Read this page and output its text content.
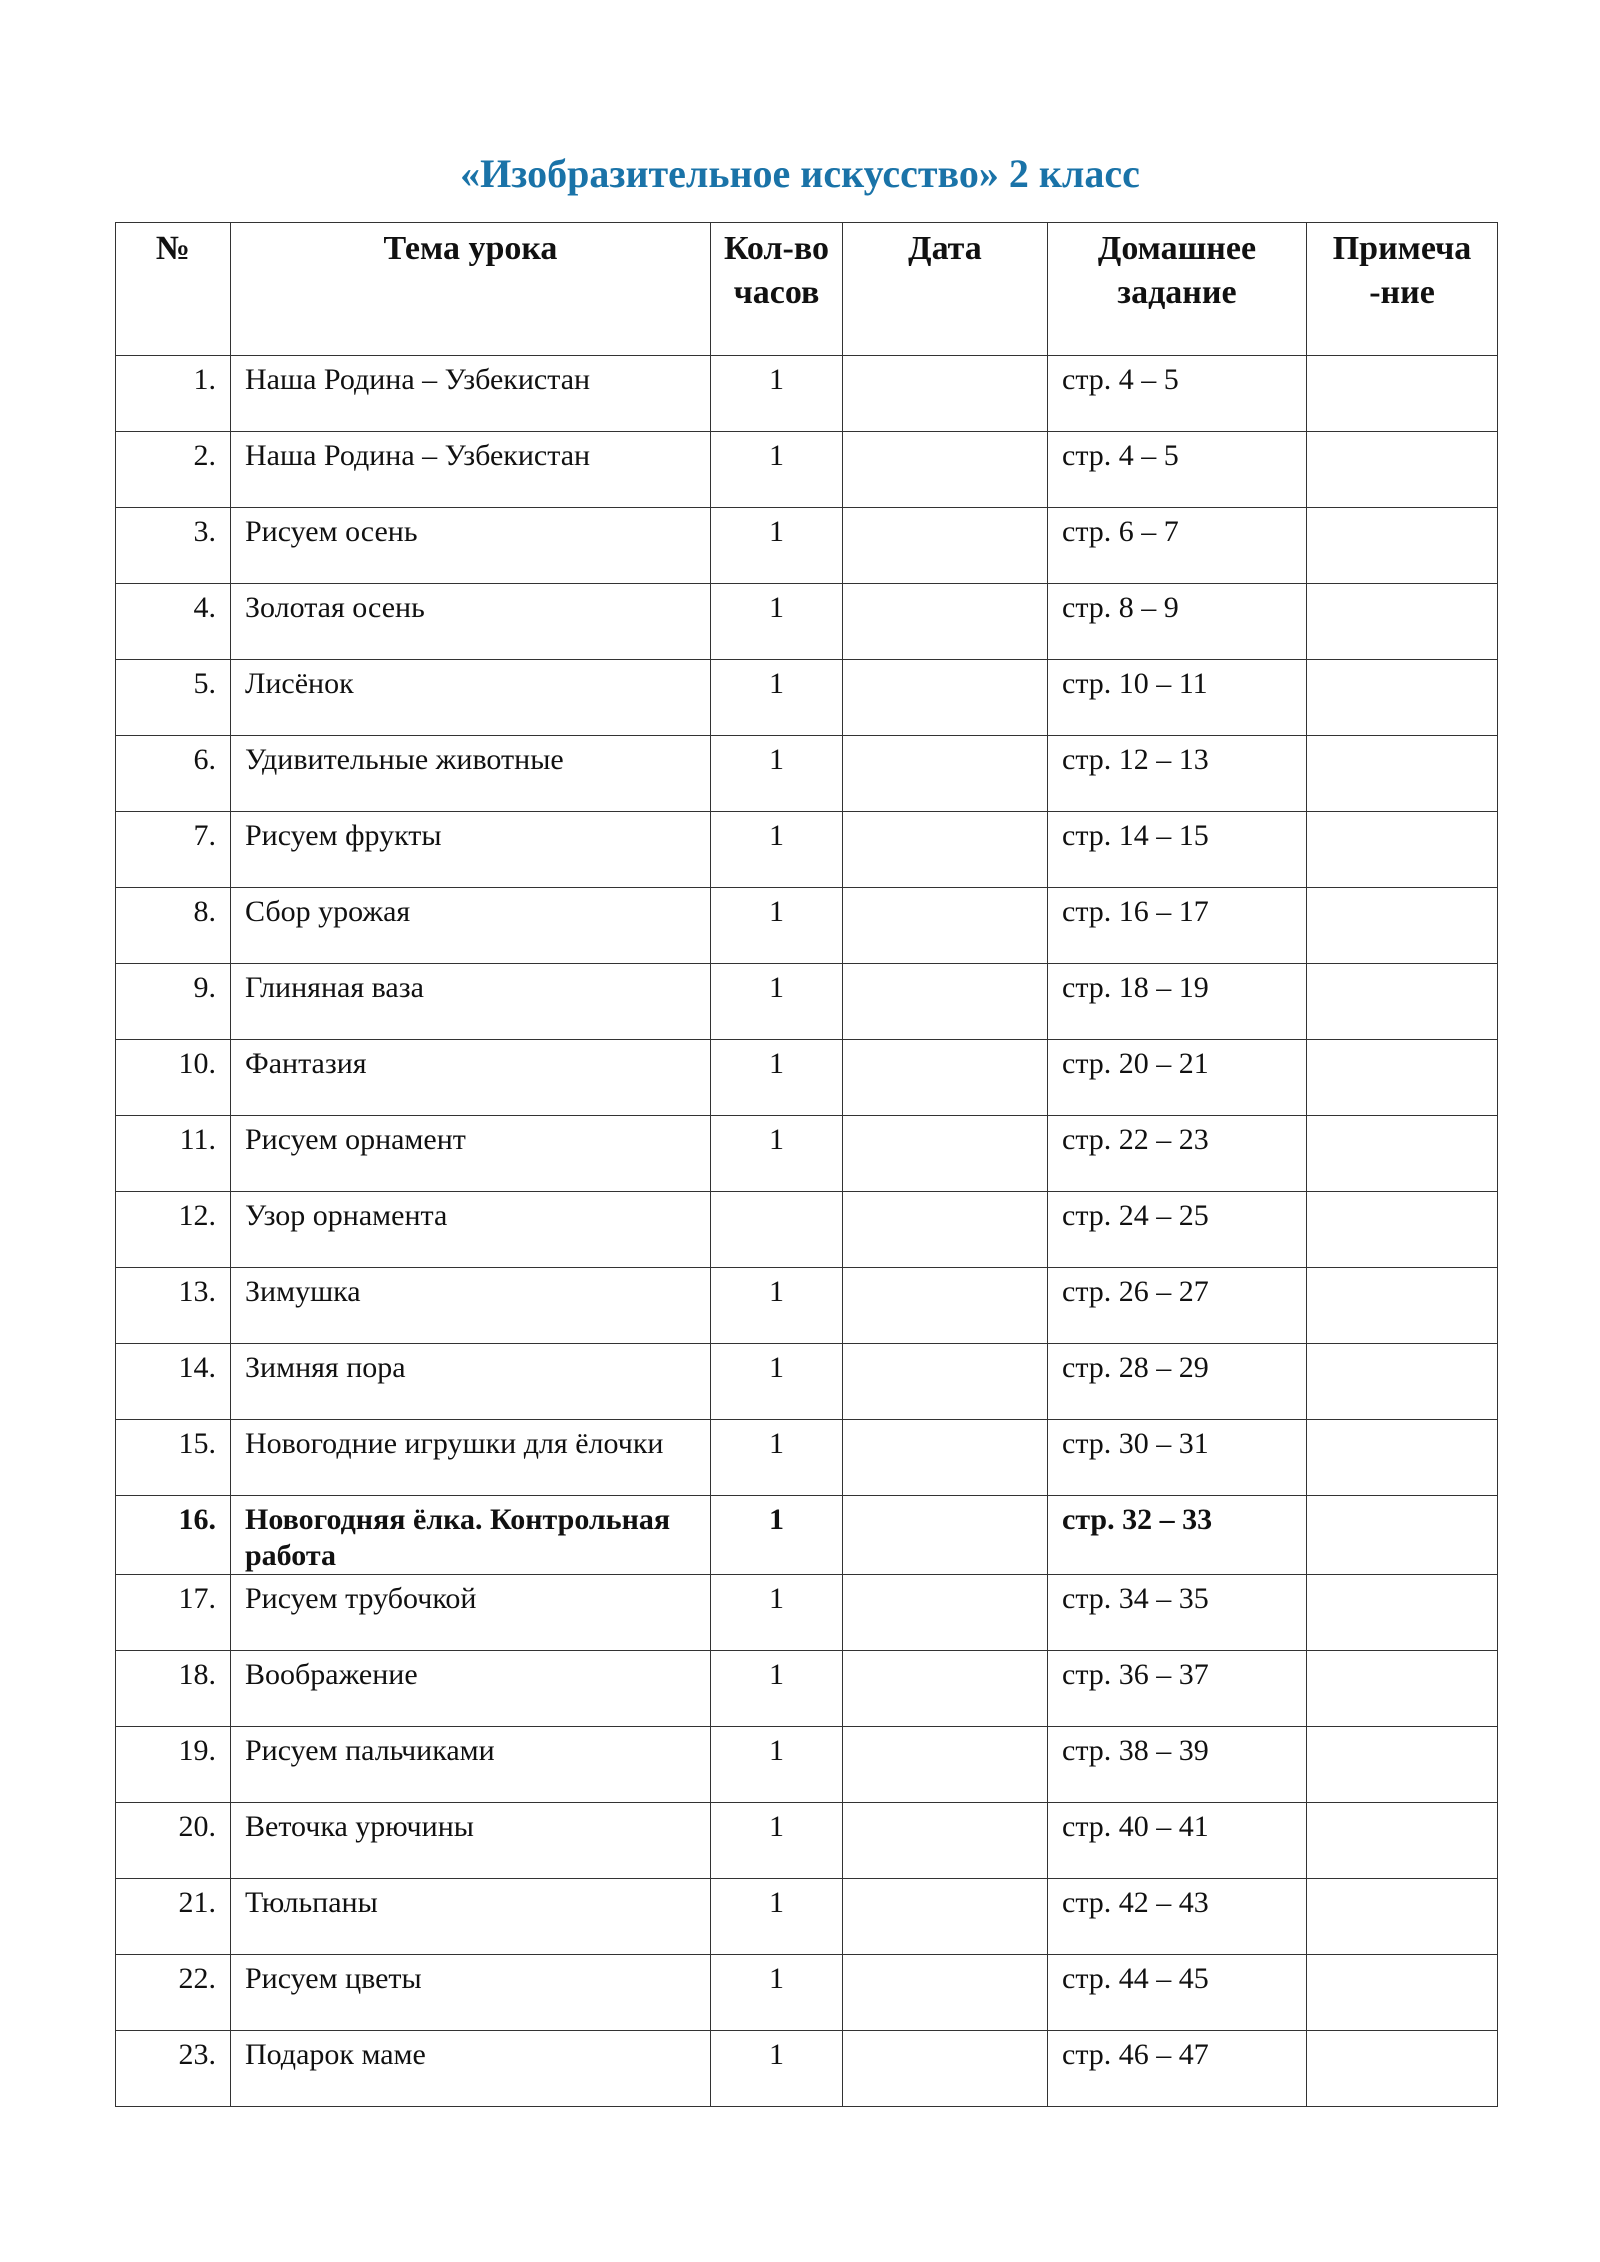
«Изобразительное искусство» 2 класс
№	Тема урока	Кол-во часов	Дата	Домашнее задание	Примеча -ние
1.	Наша Родина – Узбекистан	1		стр. 4 – 5	
2.	Наша Родина – Узбекистан	1		стр. 4 – 5	
3.	Рисуем осень	1		стр. 6 – 7	
4.	Золотая осень	1		стр. 8 – 9	
5.	Лисёнок	1		стр. 10 – 11	
6.	Удивительные животные	1		стр. 12 – 13	
7.	Рисуем фрукты	1		стр. 14 – 15	
8.	Сбор урожая	1		стр. 16 – 17	
9.	Глиняная ваза	1		стр. 18 – 19	
10.	Фантазия	1		стр. 20 – 21	
11.	Рисуем орнамент	1		стр. 22 – 23	
12.	Узор орнамента			стр. 24 – 25	
13.	Зимушка	1		стр. 26 – 27	
14.	Зимняя пора	1		стр. 28 – 29	
15.	Новогодние игрушки для ёлочки	1		стр. 30 – 31	
16.	Новогодняя ёлка. Контрольная работа	1		стр. 32 – 33	
17.	Рисуем трубочкой	1		стр. 34 – 35	
18.	Воображение	1		стр. 36 – 37	
19.	Рисуем пальчиками	1		стр. 38 – 39	
20.	Веточка урючины	1		стр. 40 – 41	
21.	Тюльпаны	1		стр. 42 – 43	
22.	Рисуем цветы	1		стр. 44 – 45	
23.	Подарок маме	1		стр. 46 – 47	
